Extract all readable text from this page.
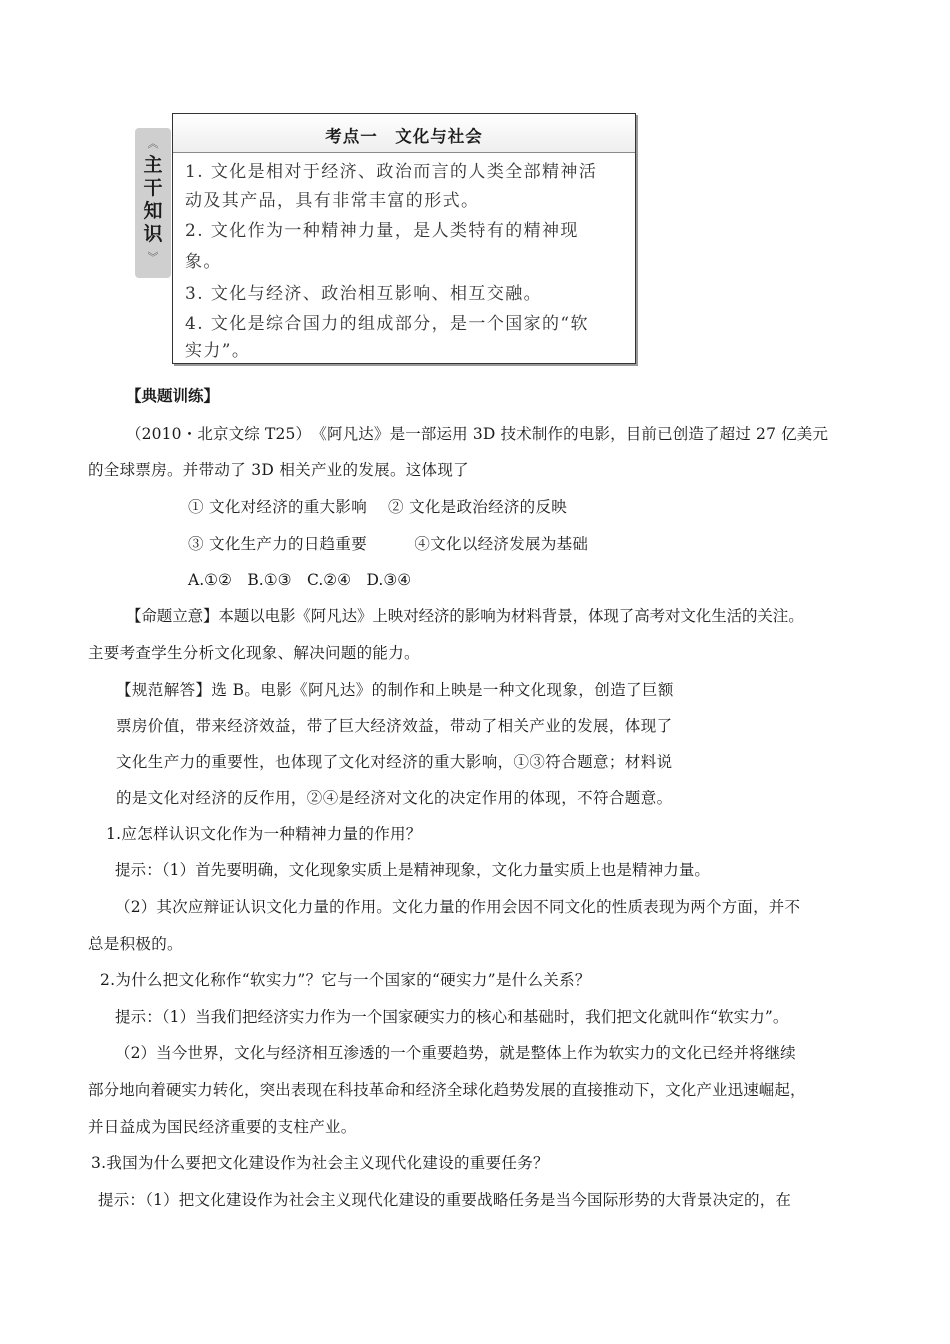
︽
主
干
知
识
︾
考点一　文化与社会
1. 文化是相对于经济、政治而言的人类全部精神活
动及其产品，具有非常丰富的形式。
2. 文化作为一种精神力量，是人类特有的精神现
象。
3. 文化与经济、政治相互影响、相互交融。
4. 文化是综合国力的组成部分，是一个国家的“软
实力”。
【典题训练】
（2010・北京文综 T25）　《阿凡达》是一部运用 3D 技术制作的电影，目前已创造了超过 27 亿美元
的全球票房。并带动了 3D 相关产业的发展。这体现了
① 文化对经济的重大影响　 ② 文化是政治经济的反映
③ 文化生产力的日趋重要　　　④文化以经济发展为基础
A.①②　B.①③　C.②④　D.③④
【命题立意】本题以电影《阿凡达》上映对经济的影响为材料背景，体现了高考对文化生活的关注。
主要考查学生分析文化现象、解决问题的能力。
【规范解答】选 B。电影《阿凡达》的制作和上映是一种文化现象，创造了巨额
票房价值，带来经济效益，带了巨大经济效益，带动了相关产业的发展，体现了
文化生产力的重要性，也体现了文化对经济的重大影响，①③符合题意；材料说
的是文化对经济的反作用，②④是经济对文化的决定作用的体现，不符合题意。
1.应怎样认识文化作为一种精神力量的作用？
提示：（1）首先要明确，文化现象实质上是精神现象，文化力量实质上也是精神力量。
（2）其次应辩证认识文化力量的作用。文化力量的作用会因不同文化的性质表现为两个方面，并不
总是积极的。
2.为什么把文化称作“软实力”？它与一个国家的“硬实力”是什么关系？
提示：（1）当我们把经济实力作为一个国家硬实力的核心和基础时，我们把文化就叫作“软实力”。
（2）当今世界，文化与经济相互渗透的一个重要趋势，就是整体上作为软实力的文化已经并将继续
部分地向着硬实力转化，突出表现在科技革命和经济全球化趋势发展的直接推动下，文化产业迅速崛起，
并日益成为国民经济重要的支柱产业。
3.我国为什么要把文化建设作为社会主义现代化建设的重要任务？
提示：（1）把文化建设作为社会主义现代化建设的重要战略任务是当今国际形势的大背景决定的，在
